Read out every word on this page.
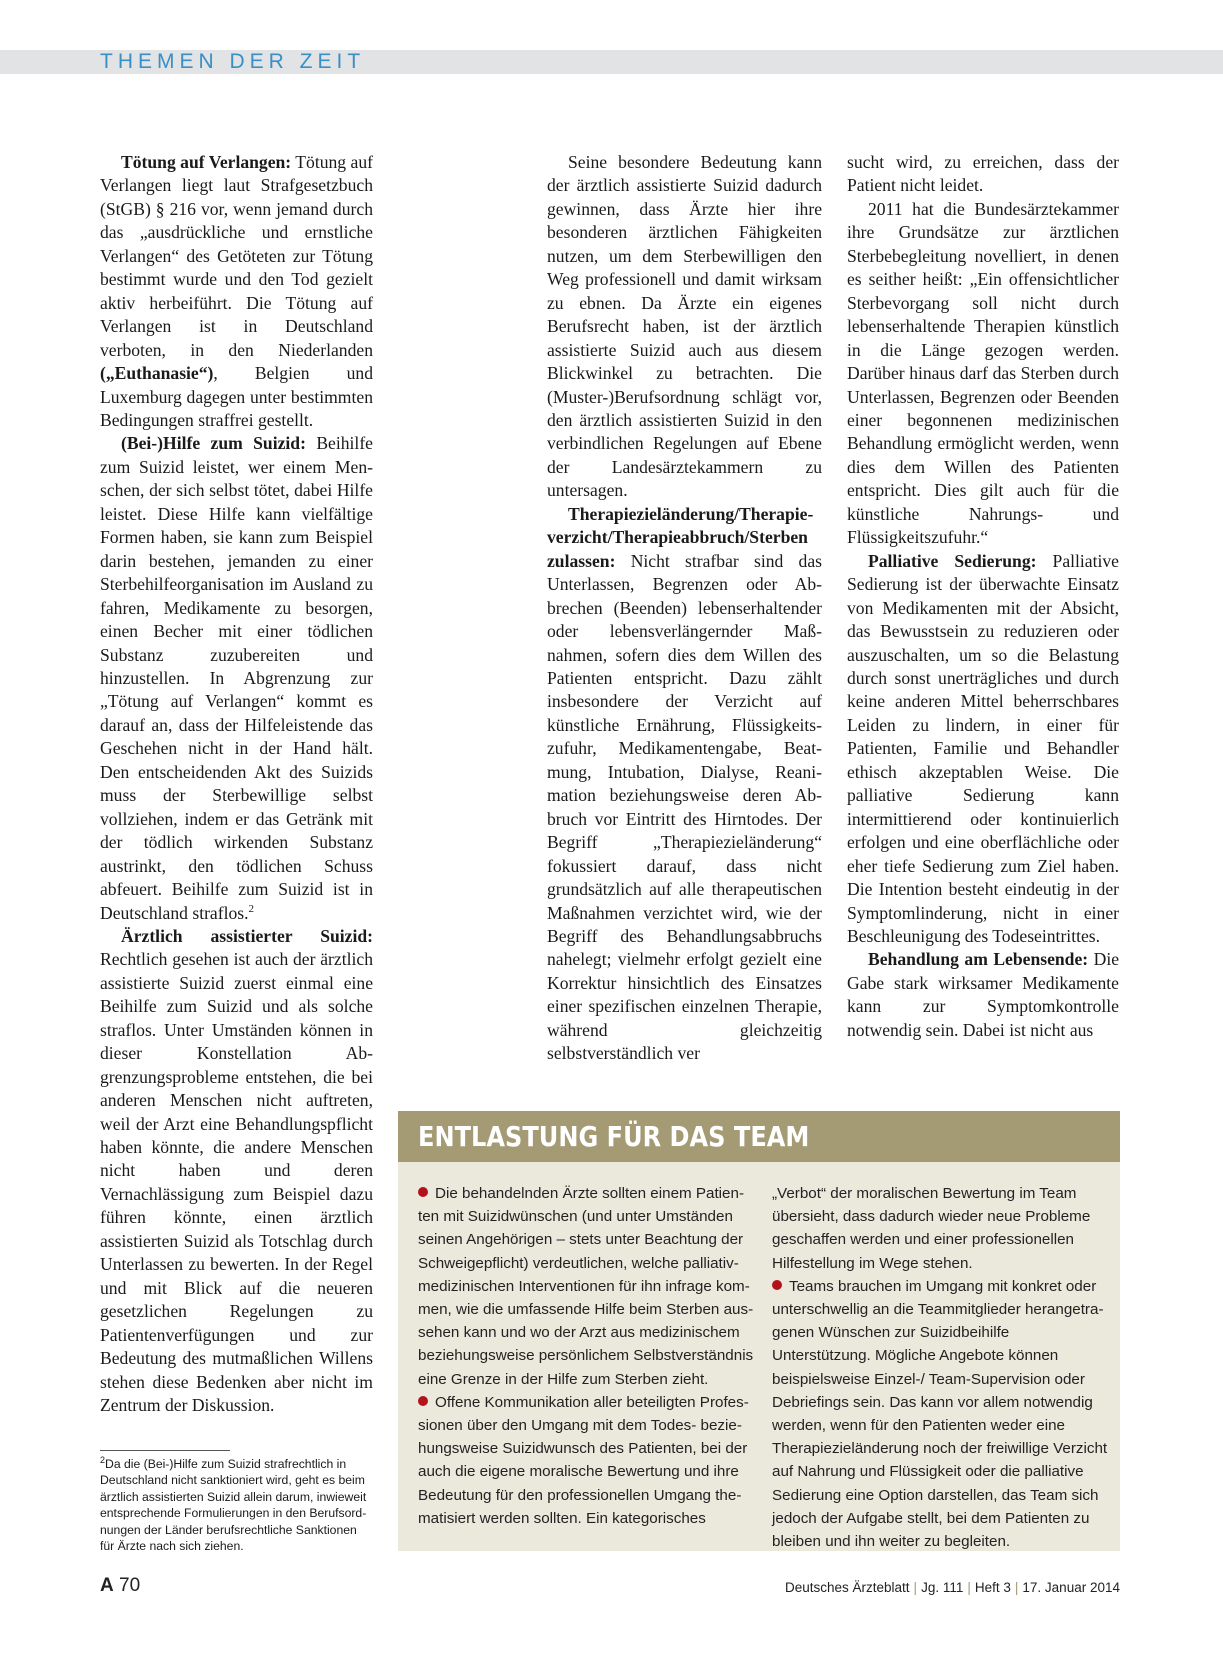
THEMEN DER ZEIT

Tötung auf Verlangen: Tötung auf Verlangen liegt laut Strafgesetzbuch (StGB) § 216 vor, wenn jemand durch das „ausdrückliche und ernstliche Verlangen“ des Getöteten zur Tötung bestimmt wurde und den Tod gezielt aktiv herbeiführt. Die Tötung auf Verlangen ist in Deutschland verboten, in den Niederlanden („Euthanasie“), Belgien und Luxemburg dagegen unter bestimmten Bedingungen straffrei gestellt.

(Bei-)Hilfe zum Suizid: Beihilfe zum Suizid leistet, wer einem Menschen, der sich selbst tötet, dabei Hilfe leistet. Diese Hilfe kann vielfältige Formen haben, sie kann zum Beispiel darin bestehen, jemanden zu einer Sterbehilfeorganisation im Ausland zu fahren, Medikamente zu besorgen, einen Becher mit einer tödlichen Substanz zuzubereiten und hinzustellen. In Abgrenzung zur „Tötung auf Verlangen“ kommt es darauf an, dass der Hilfeleistende das Geschehen nicht in der Hand hält. Den entscheidenden Akt des Suizids muss der Sterbewillige selbst vollziehen, indem er das Getränk mit der tödlich wirkenden Substanz austrinkt, den tödlichen Schuss abfeuert. Beihilfe zum Suizid ist in Deutschland straflos.$^2$

Ärztlich assistierter Suizid: Rechtlich gesehen ist auch der ärztlich assistierte Suizid zuerst einmal eine Beihilfe zum Suizid und als solche straflos. Unter Umständen können in dieser Konstellation Abgrenzungsprobleme entstehen, die bei anderen Menschen nicht auftreten, weil der Arzt eine Behandlungspflicht haben könnte, die andere Menschen nicht haben und deren Vernachlässigung zum Beispiel dazu führen könnte, einen ärztlich assistierten Suizid als Totschlag durch Unterlassen zu bewerten. In der Regel und mit Blick auf die neueren gesetzlichen Regelungen zu Patientenverfügungen und zur Bedeutung des mutmaßlichen Willens stehen diese Bedenken aber nicht im Zentrum der Diskussion.

$^2$Da die (Bei-)Hilfe zum Suizid strafrechtlich in Deutschland nicht sanktioniert wird, geht es beim ärztlich assistierten Suizid allein darum, inwieweit entsprechende Formulierungen in den Berufsordnungen der Länder berufsrechtliche Sanktionen für Ärzte nach sich ziehen.

Seine besondere Bedeutung kann der ärztlich assistierte Suizid dadurch gewinnen, dass Ärzte hier ihre besonderen ärztlichen Fähigkeiten nutzen, um dem Sterbewilligen den Weg professionell und damit wirksam zu ebnen. Da Ärzte ein eigenes Berufsrecht haben, ist der ärztlich assistierte Suizid auch aus diesem Blickwinkel zu betrachten. Die (Muster-)Berufsordnung schlägt vor, den ärztlich assistierten Suizid in den verbindlichen Regelungen auf Ebene der Landesärztekammern zu untersagen.

Therapiezieländerung/Therapieverzicht/Therapieabbruch/Sterben zulassen: Nicht strafbar sind das Unterlassen, Begrenzen oder Abbrechen (Beenden) lebenserhaltender oder lebensverlängernder Maßnahmen, sofern dies dem Willen des Patienten entspricht. Dazu zählt insbesondere der Verzicht auf künstliche Ernährung, Flüssigkeitszufuhr, Medikamentengabe, Beatmung, Intubation, Dialyse, Reanimation beziehungsweise deren Abbruch vor Eintritt des Hirntodes. Der Begriff „Therapiezieländerung“ fokussiert darauf, dass nicht grundsätzlich auf alle therapeutischen Maßnahmen verzichtet wird, wie der Begriff des Behandlungsabbruchs nahelegt; vielmehr erfolgt gezielt eine Korrektur hinsichtlich des Einsatzes einer spezifischen einzelnen Therapie, während gleichzeitig selbstverständlich ver

sucht wird, zu erreichen, dass der Patient nicht leidet.

2011 hat die Bundesärztekammer ihre Grundsätze zur ärztlichen Sterbebegleitung novelliert, in denen es seither heißt: „Ein offensichtlicher Sterbevorgang soll nicht durch lebenserhaltende Therapien künstlich in die Länge gezogen werden. Darüber hinaus darf das Sterben durch Unterlassen, Begrenzen oder Beenden einer begonnenen medizinischen Behandlung ermöglicht werden, wenn dies dem Willen des Patienten entspricht. Dies gilt auch für die künstliche Nahrungs- und Flüssigkeitszufuhr.“

Palliative Sedierung: Palliative Sedierung ist der überwachte Einsatz von Medikamenten mit der Absicht, das Bewusstsein zu reduzieren oder auszuschalten, um so die Belastung durch sonst unerträgliches und durch keine anderen Mittel beherrschbares Leiden zu lindern, in einer für Patienten, Familie und Behandler ethisch akzeptablen Weise. Die palliative Sedierung kann intermittierend oder kontinuierlich erfolgen und eine oberflächliche oder eher tiefe Sedierung zum Ziel haben. Die Intention besteht eindeutig in der Symptomlinderung, nicht in einer Beschleunigung des Todeseintrittes.

Behandlung am Lebensende: Die Gabe stark wirksamer Medikamente kann zur Symptomkontrolle notwendig sein. Dabei ist nicht aus

ENTLASTUNG FÜR DAS TEAM

Die behandelnden Ärzte sollten einem Patienten mit Suizidwünschen (und unter Umständen seinen Angehörigen – stets unter Beachtung der Schweigepflicht) verdeutlichen, welche palliativmedizinischen Interventionen für ihn infrage kommen, wie die umfassende Hilfe beim Sterben aussehen kann und wo der Arzt aus medizinischem beziehungsweise persönlichem Selbstverständnis eine Grenze in der Hilfe zum Sterben zieht.

Offene Kommunikation aller beteiligten Professionen über den Umgang mit dem Todes- beziehungsweise Suizidwunsch des Patienten, bei der auch die eigene moralische Bewertung und ihre Bedeutung für den professionellen Umgang thematisiert werden sollten. Ein kategorisches

„Verbot“ der moralischen Bewertung im Team übersieht, dass dadurch wieder neue Probleme geschaffen werden und einer professionellen Hilfestellung im Wege stehen.

Teams brauchen im Umgang mit konkret oder unterschwellig an die Teammitglieder herangetragenen Wünschen zur Suizidbeihilfe Unterstützung. Mögliche Angebote können beispielsweise Einzel-/ Team-Supervision oder Debriefings sein. Das kann vor allem notwendig werden, wenn für den Patienten weder eine Therapiezieländerung noch der freiwillige Verzicht auf Nahrung und Flüssigkeit oder die palliative Sedierung eine Option darstellen, das Team sich jedoch der Aufgabe stellt, bei dem Patienten zu bleiben und ihn weiter zu begleiten.

A 70	Deutsches Ärzteblatt | Jg. 111 | Heft 3 | 17. Januar 2014
